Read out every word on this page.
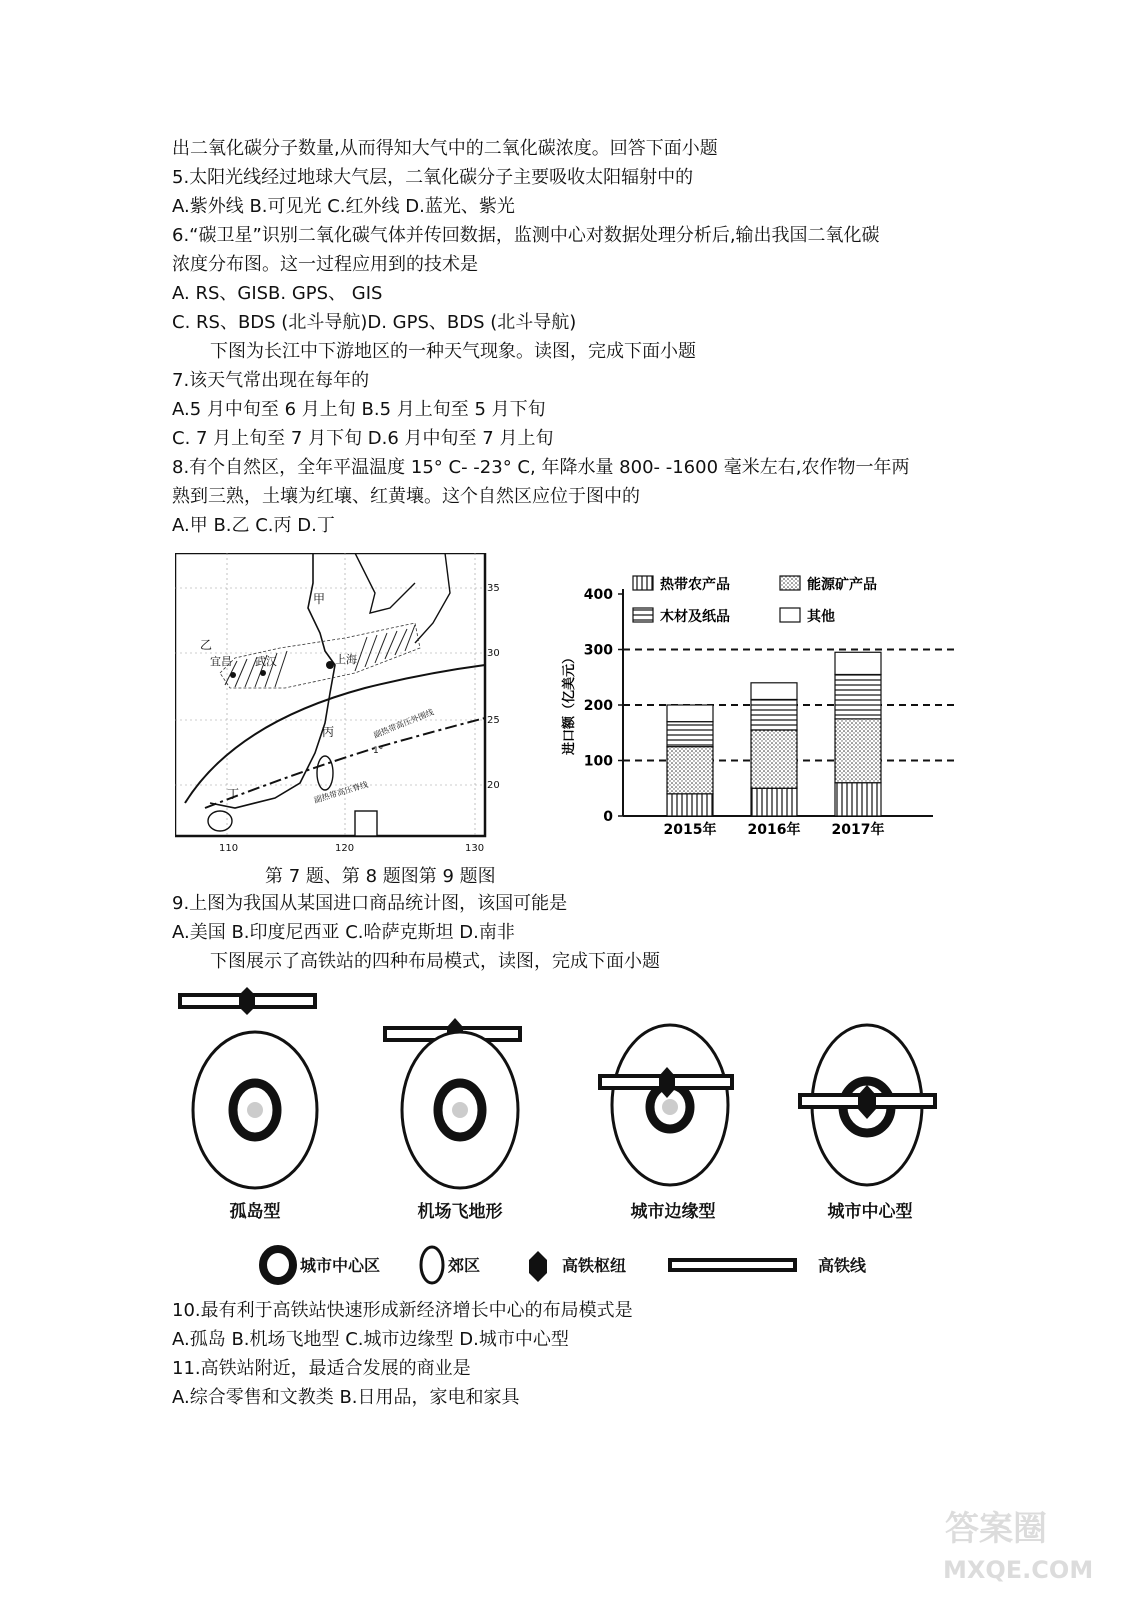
出二氧化碳分子数量,从而得知大气中的二氧化碳浓度。回答下面小题
5.太阳光线经过地球大气层，二氧化碳分子主要吸收太阳辐射中的
A.紫外线 B.可见光 C.红外线 D.蓝光、紫光
6.“碳卫星”识别二氧化碳气体并传回数据，监测中心对数据处理分析后,输出我国二氧化碳
浓度分布图。这一过程应用到的技术是
A. RS、GISB. GPS、 GIS
C. RS、BDS (北斗导航)D. GPS、BDS (北斗导航)
下图为长江中下游地区的一种天气现象。读图，完成下面小题
7.该天气常出现在每年的
A.5 月中旬至 6 月上旬 B.5 月上旬至 5 月下旬
C. 7 月上旬至 7 月下旬 D.6 月中旬至 7 月上旬
8.有个自然区，全年平温温度 15° C- -23° C, 年降水量 800- -1600 毫米左右,农作物一年两
熟到三熟，土壤为红壤、红黄壤。这个自然区应位于图中的
A.甲 B.乙 C.丙 D.丁
甲
乙
丙
丁
宜昌 武汉	上海
副热带高压外围线
副热带高压脊线
1°
35
30
25
20
110	120	130
0
100
200
300
400
2015年 2016年 2017年
热带农产品	能源矿产品
木材及纸品	其他
进口额（亿美元）
第 7 题、第 8 题图第 9 题图
9.上图为我国从某国进口商品统计图，该国可能是
A.美国 B.印度尼西亚 C.哈萨克斯坦 D.南非
下图展示了高铁站的四种布局模式，读图，完成下面小题
孤岛型	机场飞地形	城市边缘型	城市中心型
城市中心区	郊区	高铁枢纽	高铁线
10.最有利于高铁站快速形成新经济增长中心的布局模式是
A.孤岛 B.机场飞地型 C.城市边缘型 D.城市中心型
11.高铁站附近，最适合发展的商业是
A.综合零售和文教类 B.日用品，家电和家具
答案圈
MXQE.COM
